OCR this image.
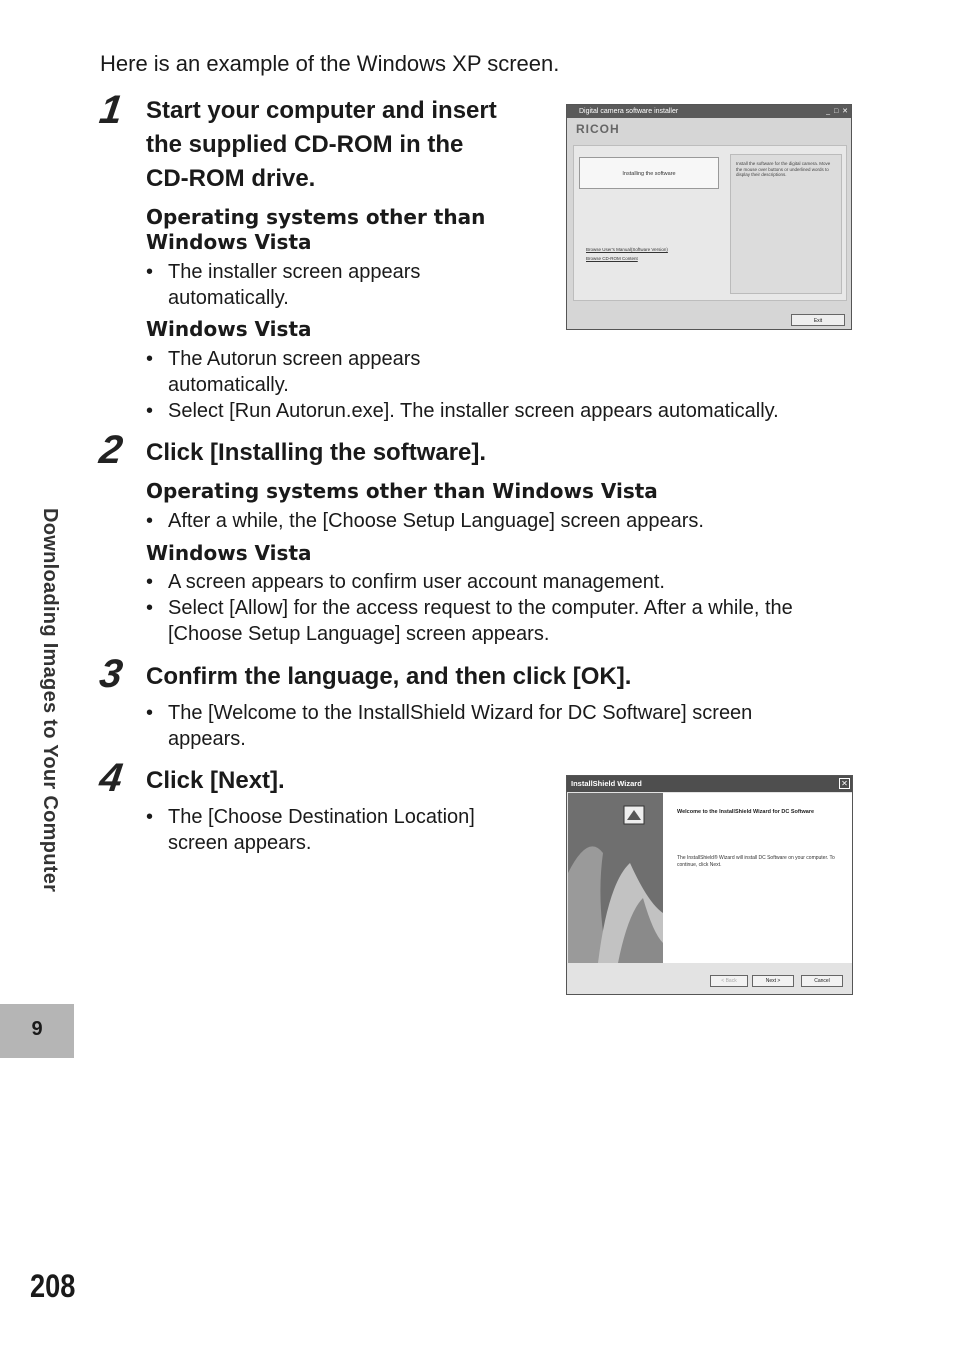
Here is an example of the Windows XP screen.
1 Start your computer and insert
the supplied CD-ROM in the
CD-ROM drive.
Operating systems other than
Windows Vista
• The installer screen appears
automatically.
Windows Vista
• The Autorun screen appears
automatically.
• Select [Run Autorun.exe]. The installer screen appears automatically.
2 Click [Installing the software].
Operating systems other than Windows Vista
• After a while, the [Choose Setup Language] screen appears.
Windows Vista
• A screen appears to confirm user account management.
• Select [Allow] for the access request to the computer. After a while, the
[Choose Setup Language] screen appears.
3 Confirm the language, and then click [OK].
• The [Welcome to the InstallShield Wizard for DC Software] screen
appears.
4 Click [Next].
• The [Choose Destination Location]
screen appears.
Digital camera software installer	_ □ ✕
RICOH
Installing the software
Install the software for the digital camera. Move the mouse over buttons or underlined words to display their descriptions.
Browse User's Manual(Software Version)
Browse CD-ROM Content
Exit
InstallShield Wizard	✕
Welcome to the InstallShield Wizard for DC Software
The InstallShield® Wizard will install DC Software on your computer. To continue, click Next.
< Back	Next >	Cancel
Downloading Images to Your Computer
9
208
